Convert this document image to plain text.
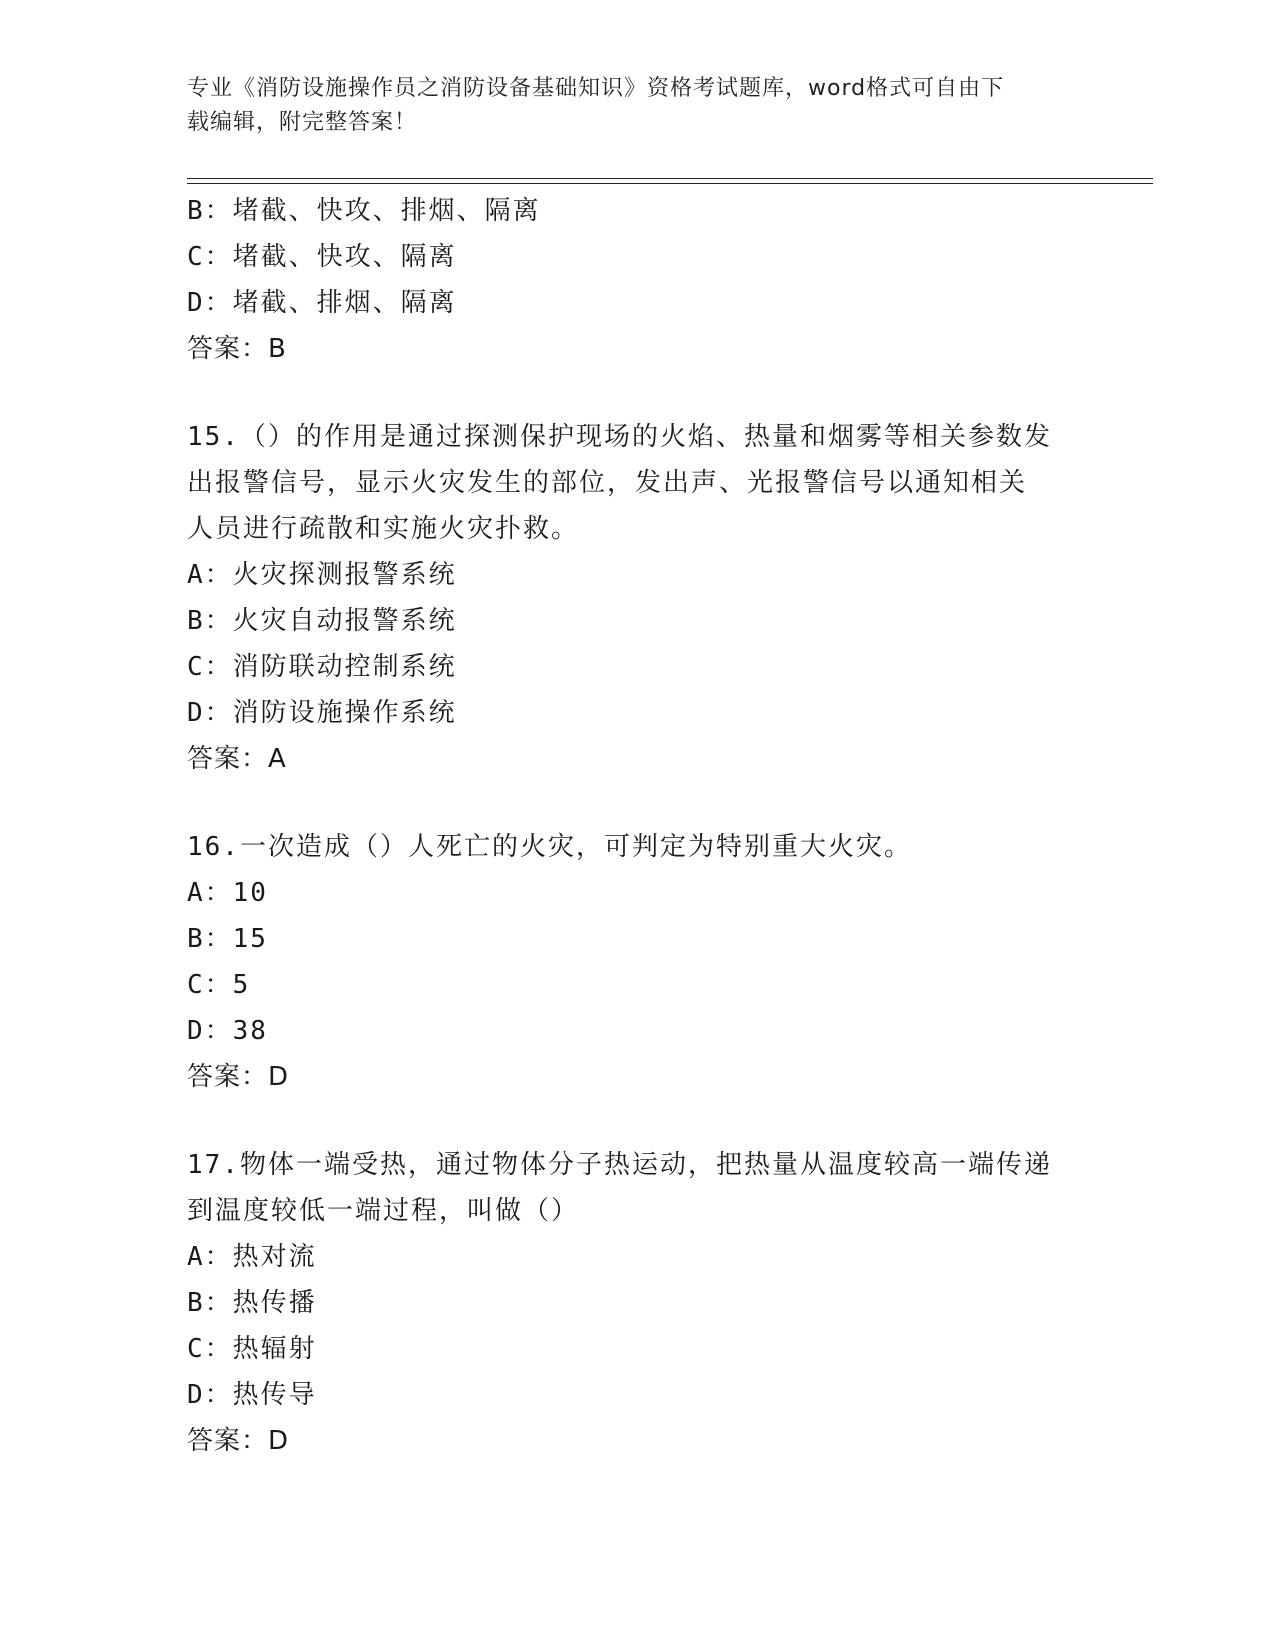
专业《消防设施操作员之消防设备基础知识》资格考试题库，word格式可自由下
载编辑，附完整答案！
B：堵截、快攻、排烟、隔离
C：堵截、快攻、隔离
D：堵截、排烟、隔离
答案：B
15.（）的作用是通过探测保护现场的火焰、热量和烟雾等相关参数发
出报警信号，显示火灾发生的部位，发出声、光报警信号以通知相关
人员进行疏散和实施火灾扑救。
A：火灾探测报警系统
B：火灾自动报警系统
C：消防联动控制系统
D：消防设施操作系统
答案：A
16.一次造成（）人死亡的火灾，可判定为特别重大火灾。
A：10
B：15
C：5
D：38
答案：D
17.物体一端受热，通过物体分子热运动，把热量从温度较高一端传递
到温度较低一端过程，叫做（）
A：热对流
B：热传播
C：热辐射
D：热传导
答案：D
